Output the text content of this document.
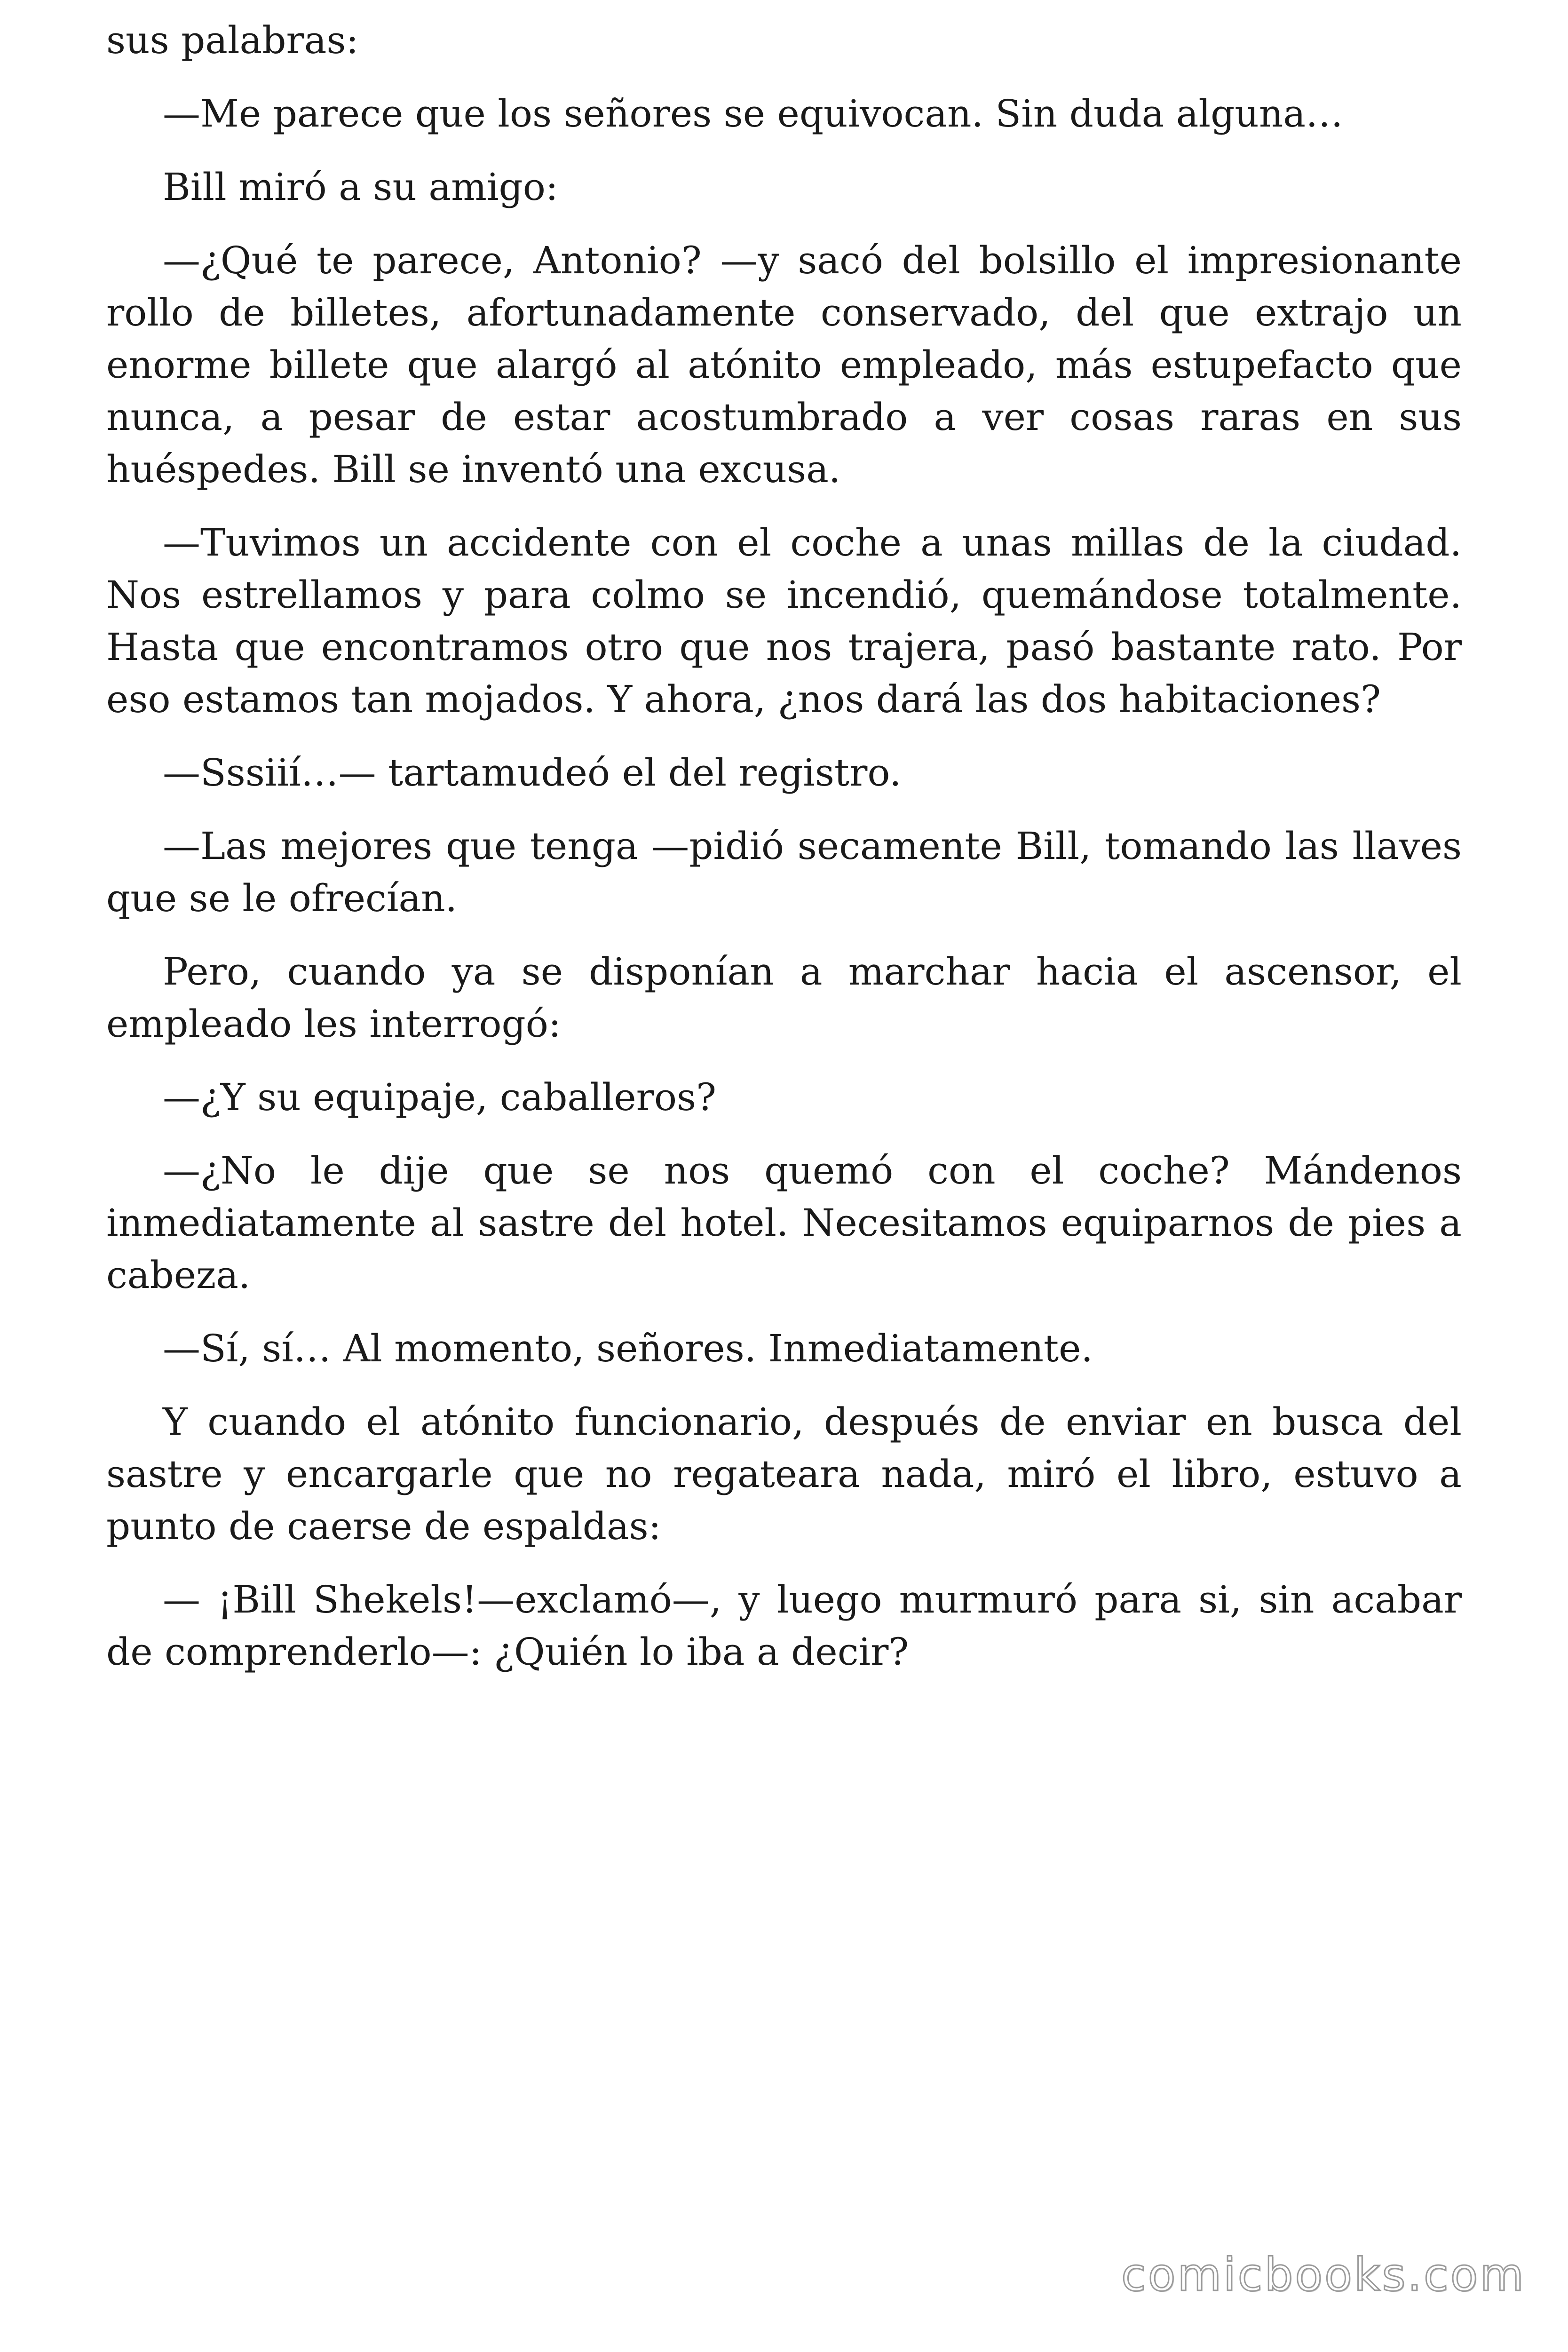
sus palabras:

—Me parece que los señores se equivocan. Sin duda alguna…

Bill miró a su amigo:

—¿Qué te parece, Antonio? —y sacó del bolsillo el impresionante rollo de billetes, afortunadamente conservado, del que extrajo un enorme billete que alargó al atónito empleado, más estupefacto que nunca, a pesar de estar acostumbrado a ver cosas raras en sus huéspedes. Bill se inventó una excusa.

—Tuvimos un accidente con el coche a unas millas de la ciudad. Nos estrellamos y para colmo se incendió, quemándose totalmente. Hasta que encontramos otro que nos trajera, pasó bastante rato. Por eso estamos tan mojados. Y ahora, ¿nos dará las dos habitaciones?

—Sssiií…— tartamudeó el del registro.

—Las mejores que tenga —pidió secamente Bill, tomando las llaves que se le ofrecían.

Pero, cuando ya se disponían a marchar hacia el ascensor, el empleado les interrogó:

—¿Y su equipaje, caballeros?

—¿No le dije que se nos quemó con el coche? Mándenos inmediatamente al sastre del hotel. Necesitamos equiparnos de pies a cabeza.

—Sí, sí… Al momento, señores. Inmediatamente.

Y cuando el atónito funcionario, después de enviar en busca del sastre y encargarle que no regateara nada, miró el libro, estuvo a punto de caerse de espaldas:

— ¡Bill Shekels!—exclamó—, y luego murmuró para si, sin acabar de comprenderlo—: ¿Quién lo iba a decir?

comicbooks.com
